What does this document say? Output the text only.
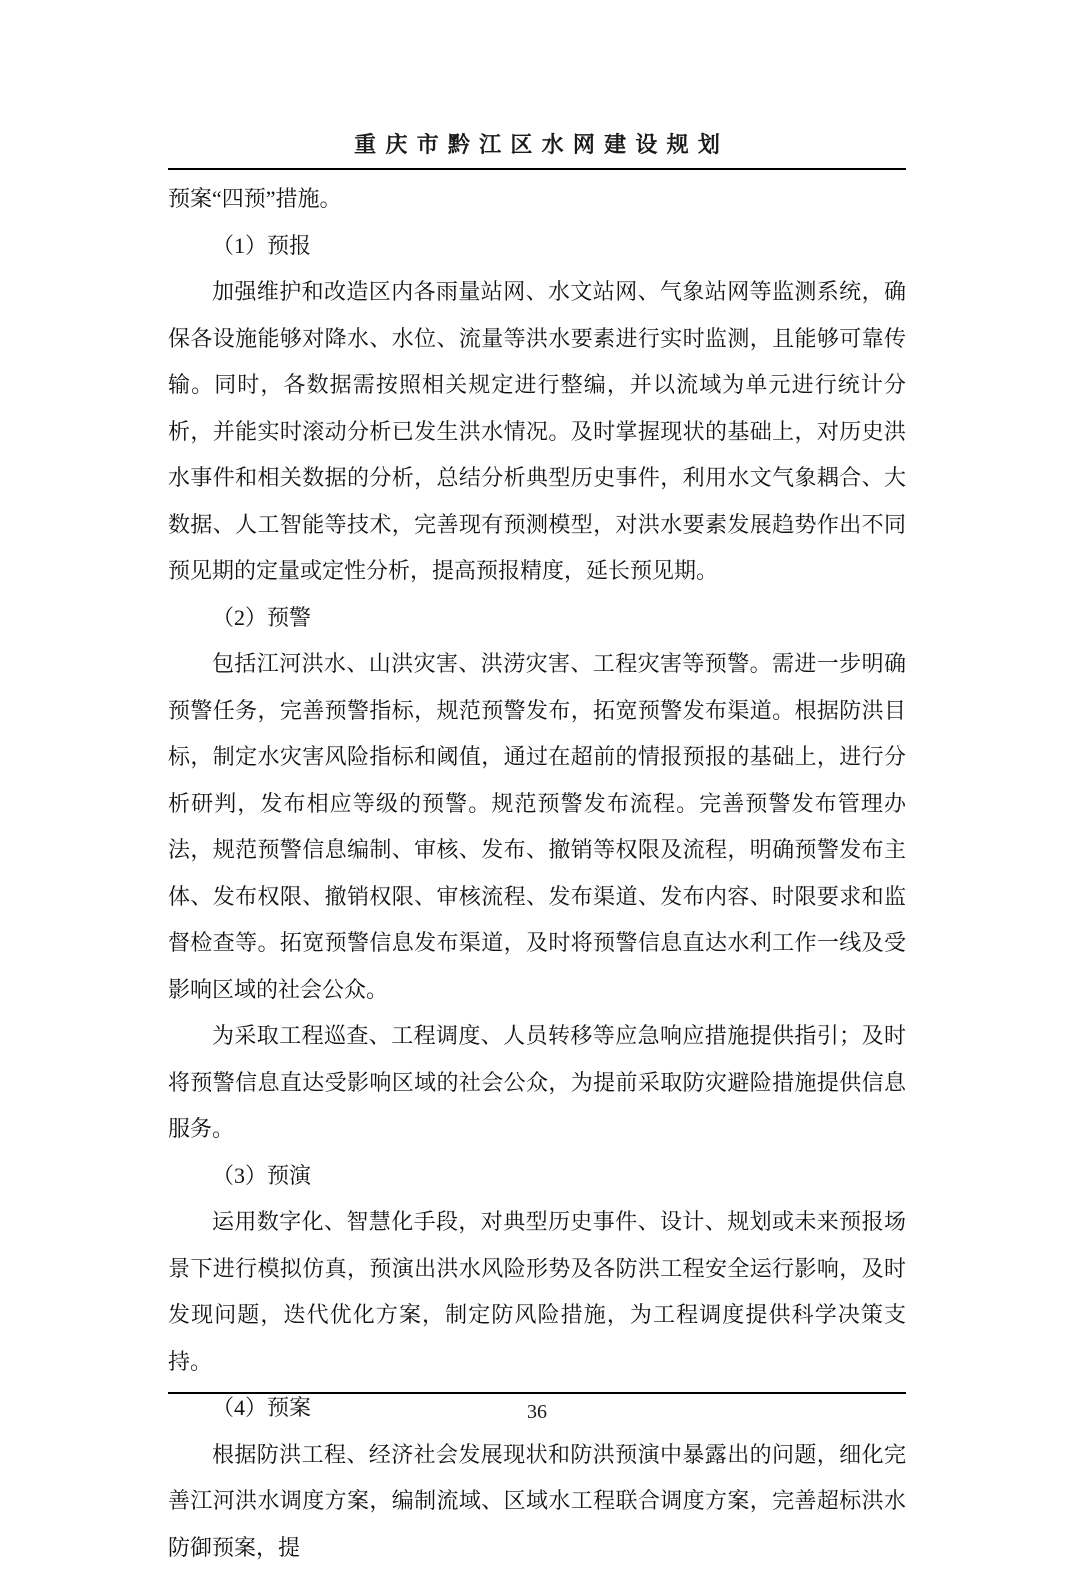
重庆市黔江区水网建设规划

预案“四预”措施。

（1）预报

加强维护和改造区内各雨量站网、水文站网、气象站网等监测系统，确保各设施能够对降水、水位、流量等洪水要素进行实时监测，且能够可靠传输。同时，各数据需按照相关规定进行整编，并以流域为单元进行统计分析，并能实时滚动分析已发生洪水情况。及时掌握现状的基础上，对历史洪水事件和相关数据的分析，总结分析典型历史事件，利用水文气象耦合、大数据、人工智能等技术，完善现有预测模型，对洪水要素发展趋势作出不同预见期的定量或定性分析，提高预报精度，延长预见期。

（2）预警

包括江河洪水、山洪灾害、洪涝灾害、工程灾害等预警。需进一步明确预警任务，完善预警指标，规范预警发布，拓宽预警发布渠道。根据防洪目标，制定水灾害风险指标和阈值，通过在超前的情报预报的基础上，进行分析研判，发布相应等级的预警。规范预警发布流程。完善预警发布管理办法，规范预警信息编制、审核、发布、撤销等权限及流程，明确预警发布主体、发布权限、撤销权限、审核流程、发布渠道、发布内容、时限要求和监督检查等。拓宽预警信息发布渠道，及时将预警信息直达水利工作一线及受影响区域的社会公众。

为采取工程巡查、工程调度、人员转移等应急响应措施提供指引；及时将预警信息直达受影响区域的社会公众，为提前采取防灾避险措施提供信息服务。

（3）预演

运用数字化、智慧化手段，对典型历史事件、设计、规划或未来预报场景下进行模拟仿真，预演出洪水风险形势及各防洪工程安全运行影响，及时发现问题，迭代优化方案，制定防风险措施，为工程调度提供科学决策支持。

（4）预案

根据防洪工程、经济社会发展现状和防洪预演中暴露出的问题，细化完善江河洪水调度方案，编制流域、区域水工程联合调度方案，完善超标洪水防御预案，提

36
